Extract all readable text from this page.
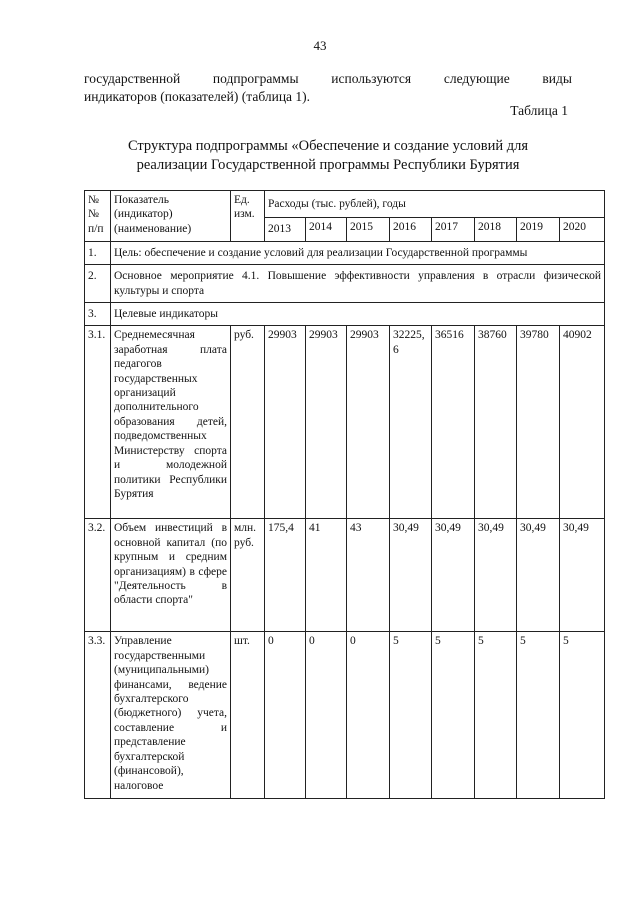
43
государственной подпрограммы используются следующие виды
индикаторов (показателей) (таблица 1).
Таблица 1
Структура подпрограммы «Обеспечение и создание условий для
реализации Государственной программы Республики Бурятия
№ № п/п	Показатель (индикатор) (наименование)	Ед. изм.	Расходы (тыс. рублей), годы							
			2013	2014	2015	2016	2017	2018	2019	2020
1.	Цель: обеспечение и создание условий для реализации Государственной программы									
2.	Основное мероприятие 4.1. Повышение эффективности управления в отрасли физической культуры и спорта									
3.	Целевые индикаторы									
3.1.	Среднемесячная заработная плата педагогов государственных организаций дополнительного образования детей, подведомственных Министерству спорта и молодежной политики Республики Бурятия	руб.	29903	29903	29903	32225,6	36516	38760	39780	40902
3.2.	Объем инвестиций в основной капитал (по крупным и средним организациям) в сфере "Деятельность в области спорта"	млн. руб.	175,4	41	43	30,49	30,49	30,49	30,49	30,49
3.3.	Управление государственными (муниципальными) финансами, ведение бухгалтерского (бюджетного) учета, составление и представление бухгалтерской (финансовой), налоговое	шт.	0	0	0	5	5	5	5	5
